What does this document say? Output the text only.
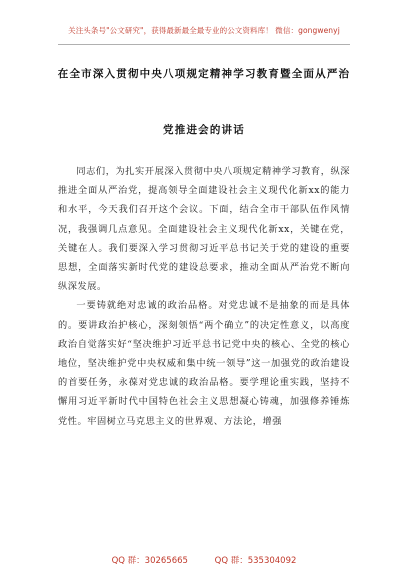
关注头条号"公文研究"，获得最新最全最专业的公文资料库！ 微信：gongwenyj
在全市深入贯彻中央八项规定精神学习教育暨全面从严治
党推进会的讲话

同志们，为扎实开展深入贯彻中央八项规定精神学习教育，纵深推进全面从严治党，提高领导全面建设社会主义现代化新xx的能力和水平，今天我们召开这个会议。下面，结合全市干部队伍作风情况，我强调几点意见。全面建设社会主义现代化新xx，关键在党，关键在人。我们要深入学习贯彻习近平总书记关于党的建设的重要思想，全面落实新时代党的建设总要求，推动全面从严治党不断向纵深发展。

一要铸就绝对忠诚的政治品格。对党忠诚不是抽象的而是具体的。要讲政治护核心，深刻领悟“两个确立”的决定性意义，以高度政治自觉落实好“坚决维护习近平总书记党中央的核心、全党的核心地位，坚决维护党中央权威和集中统一领导”这一加强党的政治建设的首要任务，永葆对党忠诚的政治品格。要学理论重实践，坚持不懈用习近平新时代中国特色社会主义思想凝心铸魂，加强修养锤炼党性。牢固树立马克思主义的世界观、方法论，增强

QQ 群：30265665	QQ 群：535304092
